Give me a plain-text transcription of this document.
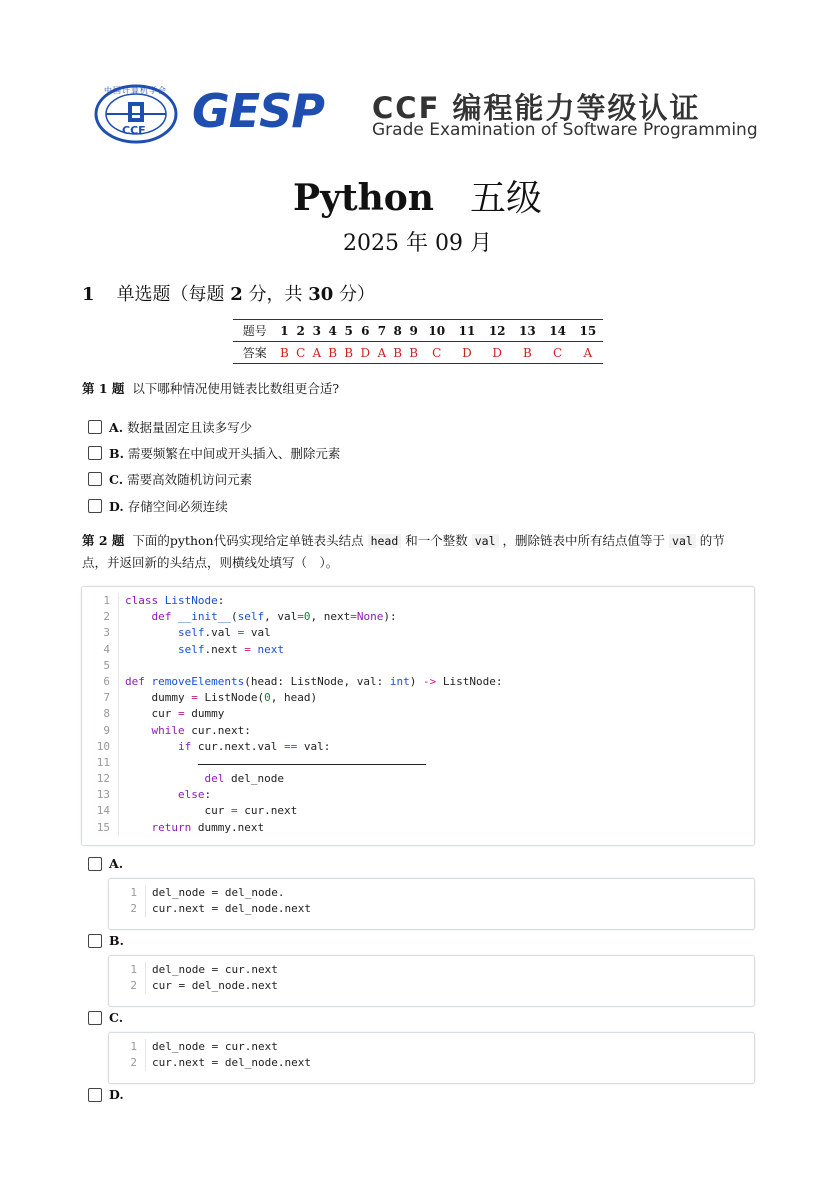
中国计算机学会
CCF GESP	CCF 编程能力等级认证
Grade Examination of Software Programming
Python 五级
2025 年 09 月
1 单选题（每题 2 分，共 30 分）
题号	1	2	3	4	5	6	7	8	9	10	11	12	13	14	15
答案	B	C	A	B	B	D	A	B	B	C	D	D	B	C	A
第 1 题 以下哪种情况使用链表比数组更合适?
A. 数据量固定且读多写少
B. 需要频繁在中间或开头插入、删除元素
C. 需要高效随机访问元素
D. 存储空间必须连续
第 2 题 下面的python代码实现给定单链表头结点 head 和一个整数 val ，删除链表中所有结点值等于 val 的节
点，并返回新的头结点，则横线处填写（　）。
1	class ListNode:
2	def __init__(self, val=0, next=None):
3	self.val = val
4	self.next = next
5
6	def removeElements(head: ListNode, val: int) -> ListNode:
7	dummy = ListNode(0, head)
8	cur = dummy
9	while cur.next:
10	if cur.next.val == val:
11

12	del del_node
13	else:
14	cur = cur.next
15	return dummy.next
A.
1	del_node = del_node.
2	cur.next = del_node.next
B.
1	del_node = cur.next
2	cur = del_node.next
C.
1	del_node = cur.next
2	cur.next = del_node.next
D.
